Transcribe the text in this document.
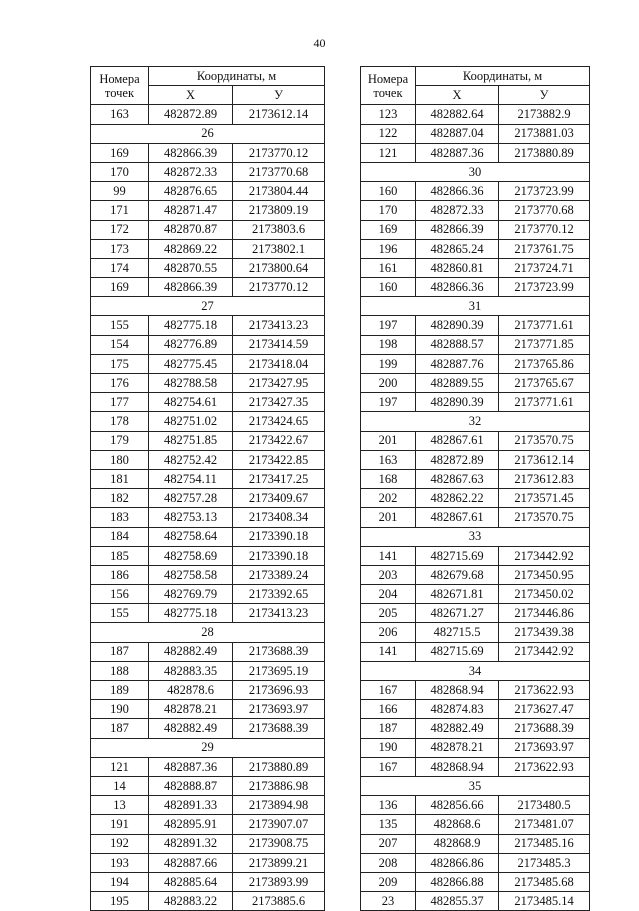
40
Номера
точек	Координаты, м	
	Х	У
163	482872.89	2173612.14
26		
169	482866.39	2173770.12
170	482872.33	2173770.68
99	482876.65	2173804.44
171	482871.47	2173809.19
172	482870.87	2173803.6
173	482869.22	2173802.1
174	482870.55	2173800.64
169	482866.39	2173770.12
27		
155	482775.18	2173413.23
154	482776.89	2173414.59
175	482775.45	2173418.04
176	482788.58	2173427.95
177	482754.61	2173427.35
178	482751.02	2173424.65
179	482751.85	2173422.67
180	482752.42	2173422.85
181	482754.11	2173417.25
182	482757.28	2173409.67
183	482753.13	2173408.34
184	482758.64	2173390.18
185	482758.69	2173390.18
186	482758.58	2173389.24
156	482769.79	2173392.65
155	482775.18	2173413.23
28		
187	482882.49	2173688.39
188	482883.35	2173695.19
189	482878.6	2173696.93
190	482878.21	2173693.97
187	482882.49	2173688.39
29		
121	482887.36	2173880.89
14	482888.87	2173886.98
13	482891.33	2173894.98
191	482895.91	2173907.07
192	482891.32	2173908.75
193	482887.66	2173899.21
194	482885.64	2173893.99
195	482883.22	2173885.6
Номера
точек	Координаты, м	
	Х	У
123	482882.64	2173882.9
122	482887.04	2173881.03
121	482887.36	2173880.89
30		
160	482866.36	2173723.99
170	482872.33	2173770.68
169	482866.39	2173770.12
196	482865.24	2173761.75
161	482860.81	2173724.71
160	482866.36	2173723.99
31		
197	482890.39	2173771.61
198	482888.57	2173771.85
199	482887.76	2173765.86
200	482889.55	2173765.67
197	482890.39	2173771.61
32		
201	482867.61	2173570.75
163	482872.89	2173612.14
168	482867.63	2173612.83
202	482862.22	2173571.45
201	482867.61	2173570.75
33		
141	482715.69	2173442.92
203	482679.68	2173450.95
204	482671.81	2173450.02
205	482671.27	2173446.86
206	482715.5	2173439.38
141	482715.69	2173442.92
34		
167	482868.94	2173622.93
166	482874.83	2173627.47
187	482882.49	2173688.39
190	482878.21	2173693.97
167	482868.94	2173622.93
35		
136	482856.66	2173480.5
135	482868.6	2173481.07
207	482868.9	2173485.16
208	482866.86	2173485.3
209	482866.88	2173485.68
23	482855.37	2173485.14
